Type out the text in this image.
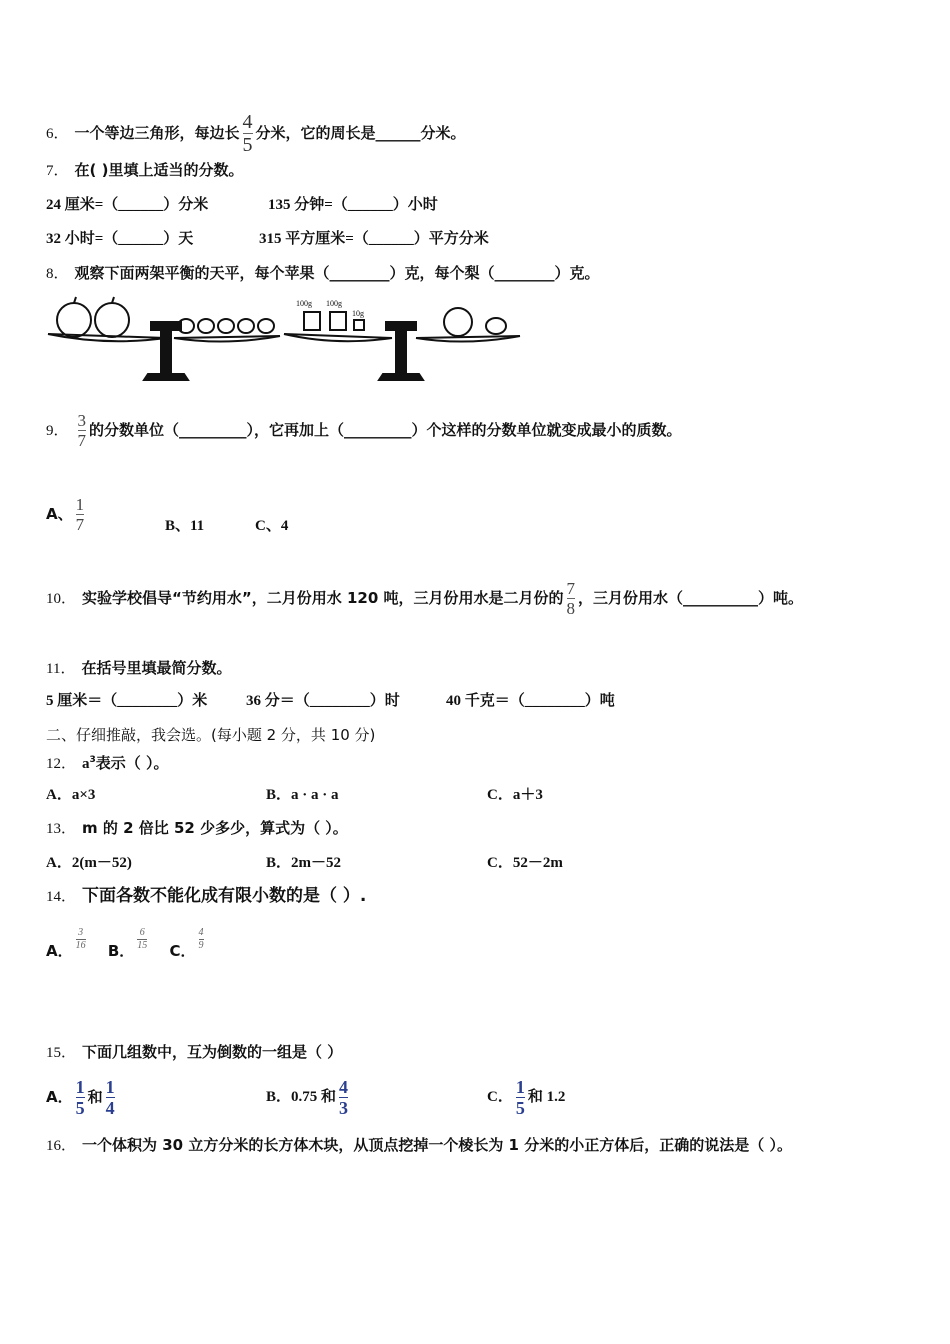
6． 一个等边三角形，每边长 $\frac{4}{5}$ 分米，它的周长是______分米。
7． 在( )里填上适当的分数。
24 厘米=（______）分米	135 分钟=（______）小时
32 小时=（______）天	315 平方厘米=（______）平方分米
8． 观察下面两架平衡的天平，每个苹果（________）克，每个梨（________）克。
100g 100g
10g
9． $\frac{3}{7}$ 的分数单位（_________），它再加上（_________）个这样的分数单位就变成最小的质数。
A、 $\frac{1}{7}$	B、11	C、4
10． 实验学校倡导“节约用水”，二月份用水 120 吨，三月份用水是二月份的 $\frac{7}{8}$ ，三月份用水（__________）吨。
11． 在括号里填最简分数。
5 厘米＝（________）米	36 分＝（________）时	40 千克＝（________）吨
二、仔细推敲，我会选。(每小题 2 分，共 10 分)
12． $a^3$表示（ ）。
A．a×3	B．a · a · a	C．a＋3
13． m 的 2 倍比 52 少多少，算式为（ ）。
A．2(m－52)	B．2m－52	C．52－2m
14． 下面各数不能化成有限小数的是（ ）.
A． $\frac{3}{16}$ B． $\frac{6}{15}$ C． $\frac{4}{9}$
15． 下面几组数中，互为倒数的一组是（ ）
A． $\frac{1}{5}$ 和 $\frac{1}{4}$	B．0.75 和 $\frac{4}{3}$	C． $\frac{1}{5}$ 和 1.2
16． 一个体积为 30 立方分米的长方体木块，从顶点挖掉一个棱长为 1 分米的小正方体后，正确的说法是（ ）。
